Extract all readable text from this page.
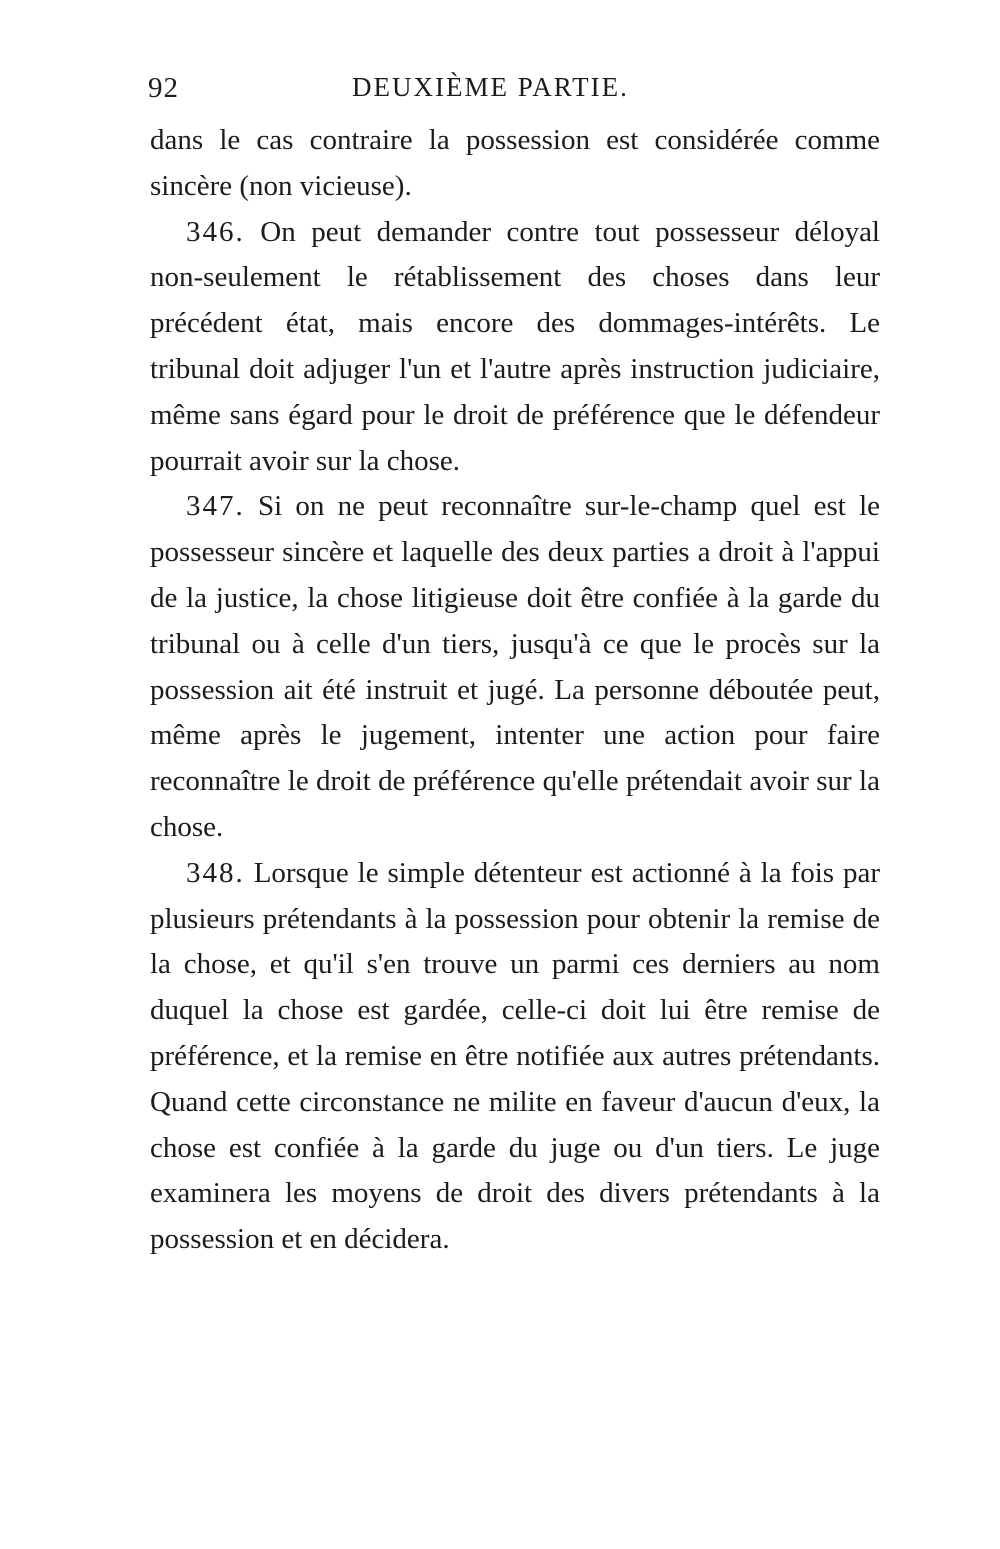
92	DEUXIÈME PARTIE.

dans le cas contraire la possession est considérée comme sincère (non vicieuse).

346. On peut demander contre tout possesseur déloyal non-seulement le rétablissement des choses dans leur précédent état, mais encore des dommages-intérêts. Le tribunal doit adjuger l'un et l'autre après instruction judiciaire, même sans égard pour le droit de préférence que le défendeur pourrait avoir sur la chose.

347. Si on ne peut reconnaître sur-le-champ quel est le possesseur sincère et laquelle des deux parties a droit à l'appui de la justice, la chose litigieuse doit être confiée à la garde du tribunal ou à celle d'un tiers, jusqu'à ce que le procès sur la possession ait été instruit et jugé. La personne déboutée peut, même après le jugement, intenter une action pour faire reconnaître le droit de préférence qu'elle prétendait avoir sur la chose.

348. Lorsque le simple détenteur est actionné à la fois par plusieurs prétendants à la possession pour obtenir la remise de la chose, et qu'il s'en trouve un parmi ces derniers au nom duquel la chose est gardée, celle-ci doit lui être remise de préférence, et la remise en être notifiée aux autres prétendants. Quand cette circonstance ne milite en faveur d'aucun d'eux, la chose est confiée à la garde du juge ou d'un tiers. Le juge examinera les moyens de droit des divers prétendants à la possession et en décidera.
